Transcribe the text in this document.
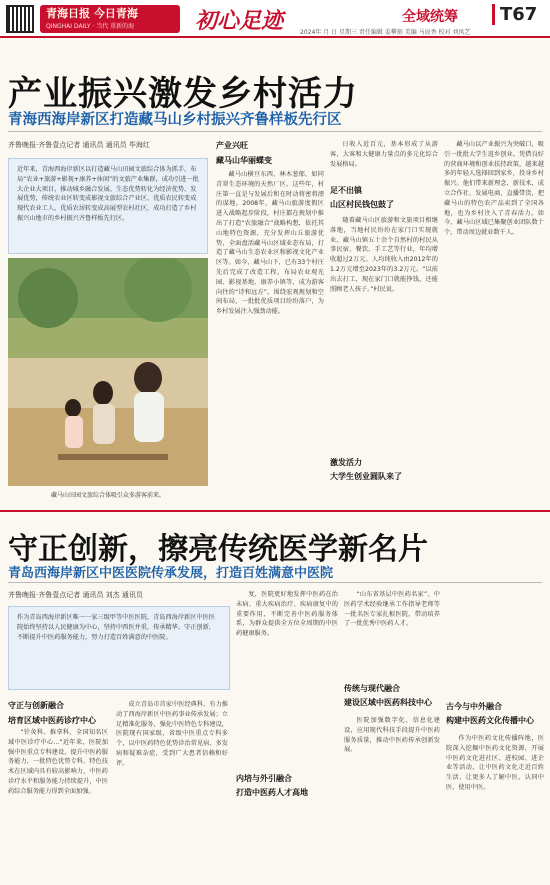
青海日报 今日青海
QINGHAI DAILY · 当代 重新的海	初心足迹	全域统筹	T67
2024年 月 日 星期三 责任编辑 姜攀刻 美编 马宸香 校对 刘凤艺
产业振兴激发乡村活力
青海西海岸新区打造藏马山乡村振兴齐鲁样板先行区
齐鲁晚报·齐鲁壹点记者 通讯员 通讯员 毕海红
近年来，青海西海岸新区以打造藏马山田园文旅综合体为抓手，布局“农业+旅游+影视+康养+休闲”的文旅产业集群，成功引进一批大企业大项目，推动城乡融合发展、生态优势转化为经济优势、发展优势，传统农业区转变成影视文旅综合产业区、优质农民转变成现代农业工人，优质农居转变成高展型农村社区，成功打造了乡村振兴山地市的乡村振兴齐鲁样板先行区。
藏马山田园文旅综合体吸引众多游客前来。
产业兴旺
藏马山华丽蝶变

藏马山横亘东西，林木葱郁，如同青翠生态环境的天然厂区。这些年，村庄第一直是与发展后和在时动将密将漂的谋地。2008年，藏马山旅游度假区进入战略起步阶段，村庄都在规划中推出了打造“农旅融合”战略构想，依托其山地特色资源，充分发挥山丘旅游优势，全面盘活藏马山区域业态布局，打造了藏马山生态农业区和影视文化产业区等。如今，藏马山下，已有33个村庄先后完成了改造工程，布局农业观光园、影视基地、康养小镇等，成为游客向往的“诗和远方”。围绕宏观规划和空间布局，一批批优质项目纷纷落户，为乡村发展注入强劲动能。

日收入近百元，基本形成了从游客，大客和大健康力量点的多元化综合发展格局。

足不出镇
山区村民钱包鼓了

随着藏马山区旅游和文旅项目相继落地，当地村民纷纷在家门口实现就业。藏马山镇五十余个自然村的村民从事民宿、餐饮、手工艺等行业，年均增收超过2万元。人均纯收入由2012年的1.2万元增至2023年的3.2万元。“以前出去打工，现在家门口就能挣钱，还能照顾老人孩子。”村民说。

激发活力
大学生创业圆队来了

藏马山以产业振兴为突破口，吸引一批批大学生返乡创业。凭借良好的营商环境和创业扶持政策，越来越多的年轻人选择回到家乡，投身乡村振兴。他们带来新理念、新技术，成立合作社、发展电商、直播带货，把藏马山的特色农产品卖到了全国各地，也为乡村注入了青春活力。如今，藏马山区域已集聚创业团队数十个，带动周边就业数千人。

守正创新，擦亮传统医学新名片
青岛西海岸新区中医医院传承发展，打造百姓满意中医院
齐鲁晚报·齐鲁壹点记者 通讯员 刘杰 通讯员
作为青岛西海岸新区唯一一家三级甲等中医医院，青岛西海岸新区中医医院始终坚持以人民健康为中心，坚持中西医并重，传承精华、守正创新，不断提升中医药服务能力，努力打造百姓满意的中医院。
守正与创新融合
培育区域中医药诊疗中心

“针灸科、推拿科、全国知名区域中医诊疗中心...”近年来，医院加强中医重点专科建设，提升中医药服务能力，一批特色优势专科、特色技术在区域内具有较高影响力，中医药诊疗水平和服务能力持续提升，中医药综合服务能力得到全面加强。

成立青岛市首家中医经典科，有力推动了西海岸新区中医药事业传承发展；立足精准化服务，强化中医特色专科建设，医院现有国家级、省级中医重点专科多个，以中医药特色优势诊治常见病、多发病和疑难杂症，受到广大患者信赖和好评。

复，医院更好地发挥中医药在治未病、重大疾病治疗、疾病康复中的重要作用，不断完善中医药服务体系，为群众提供全方位全周期的中医药健康服务。

内培与外引融合
打造中医药人才高地

“山东省基层中医药名家”、中医药学术经验继承工作指导老师等一批名医专家扎根医院，带动培养了一批优秀中医药人才。

传统与现代融合
建设区域中医药科技中心

医院加强数字化、信息化建设，应用现代科技手段提升中医药服务质量，推动中医药传承创新发展。

古今与中外融合
构建中医药文化传播中心

作为中医药文化传播阵地，医院深入挖掘中医药文化资源，开展中医药文化进社区、进校园、进企业等活动，让中医药文化走近百姓生活，让更多人了解中医、认同中医、使用中医。
